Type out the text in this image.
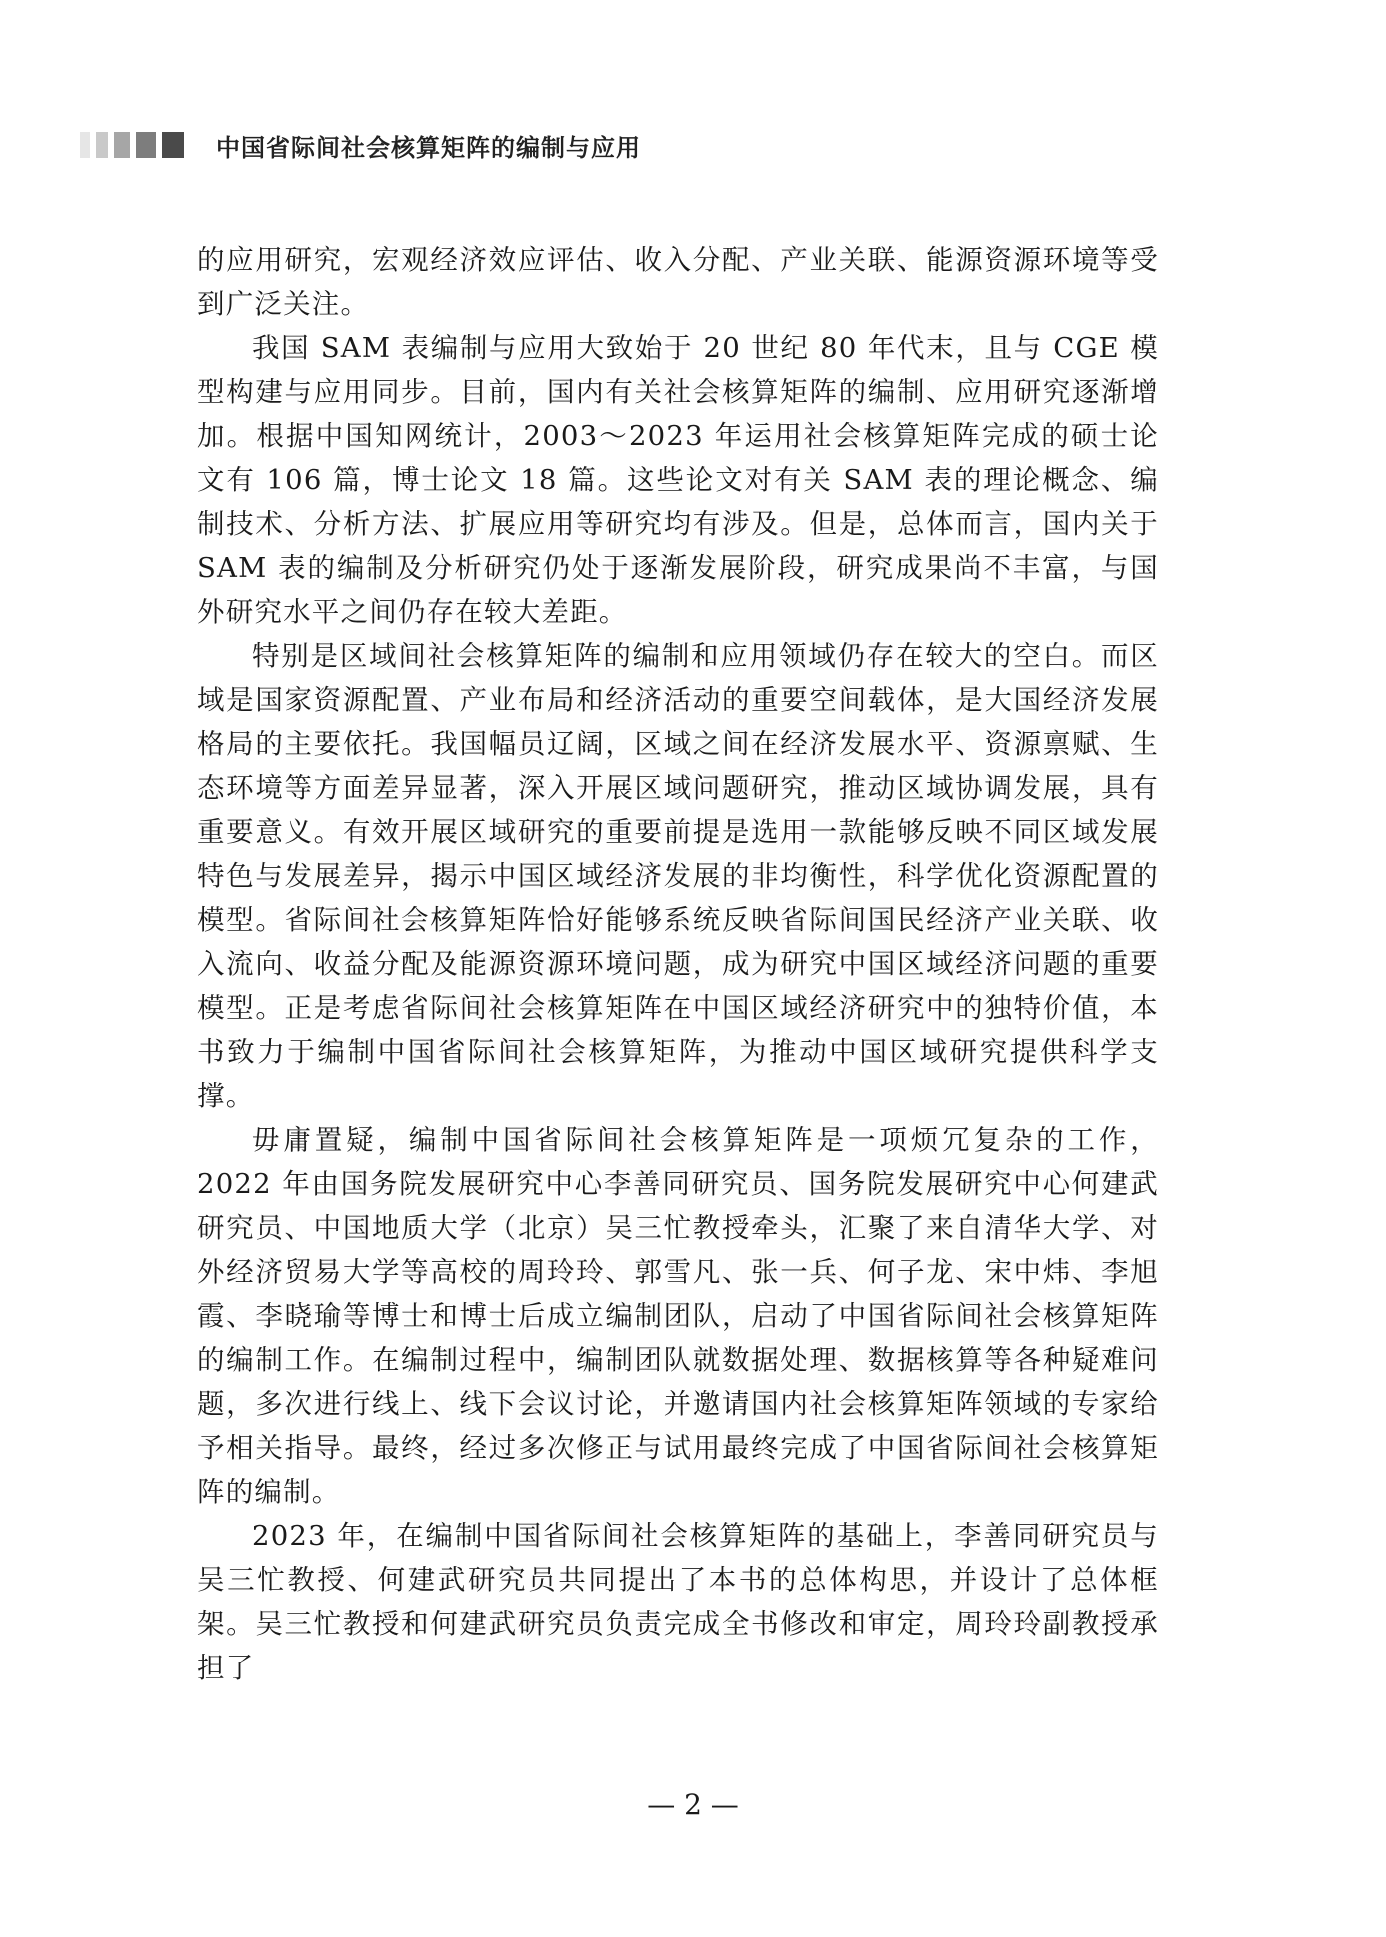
中国省际间社会核算矩阵的编制与应用

的应用研究，宏观经济效应评估、收入分配、产业关联、能源资源环境等受到广泛关注。

我国 SAM 表编制与应用大致始于 20 世纪 80 年代末，且与 CGE 模型构建与应用同步。目前，国内有关社会核算矩阵的编制、应用研究逐渐增加。根据中国知网统计，2003～2023 年运用社会核算矩阵完成的硕士论文有 106 篇，博士论文 18 篇。这些论文对有关 SAM 表的理论概念、编制技术、分析方法、扩展应用等研究均有涉及。但是，总体而言，国内关于 SAM 表的编制及分析研究仍处于逐渐发展阶段，研究成果尚不丰富，与国外研究水平之间仍存在较大差距。

特别是区域间社会核算矩阵的编制和应用领域仍存在较大的空白。而区域是国家资源配置、产业布局和经济活动的重要空间载体，是大国经济发展格局的主要依托。我国幅员辽阔，区域之间在经济发展水平、资源禀赋、生态环境等方面差异显著，深入开展区域问题研究，推动区域协调发展，具有重要意义。有效开展区域研究的重要前提是选用一款能够反映不同区域发展特色与发展差异，揭示中国区域经济发展的非均衡性，科学优化资源配置的模型。省际间社会核算矩阵恰好能够系统反映省际间国民经济产业关联、收入流向、收益分配及能源资源环境问题，成为研究中国区域经济问题的重要模型。正是考虑省际间社会核算矩阵在中国区域经济研究中的独特价值，本书致力于编制中国省际间社会核算矩阵，为推动中国区域研究提供科学支撑。

毋庸置疑，编制中国省际间社会核算矩阵是一项烦冗复杂的工作，2022 年由国务院发展研究中心李善同研究员、国务院发展研究中心何建武研究员、中国地质大学（北京）吴三忙教授牵头，汇聚了来自清华大学、对外经济贸易大学等高校的周玲玲、郭雪凡、张一兵、何子龙、宋中炜、李旭霞、李晓瑜等博士和博士后成立编制团队，启动了中国省际间社会核算矩阵的编制工作。在编制过程中，编制团队就数据处理、数据核算等各种疑难问题，多次进行线上、线下会议讨论，并邀请国内社会核算矩阵领域的专家给予相关指导。最终，经过多次修正与试用最终完成了中国省际间社会核算矩阵的编制。

2023 年，在编制中国省际间社会核算矩阵的基础上，李善同研究员与吴三忙教授、何建武研究员共同提出了本书的总体构思，并设计了总体框架。吴三忙教授和何建武研究员负责完成全书修改和审定，周玲玲副教授承担了

— 2 —
